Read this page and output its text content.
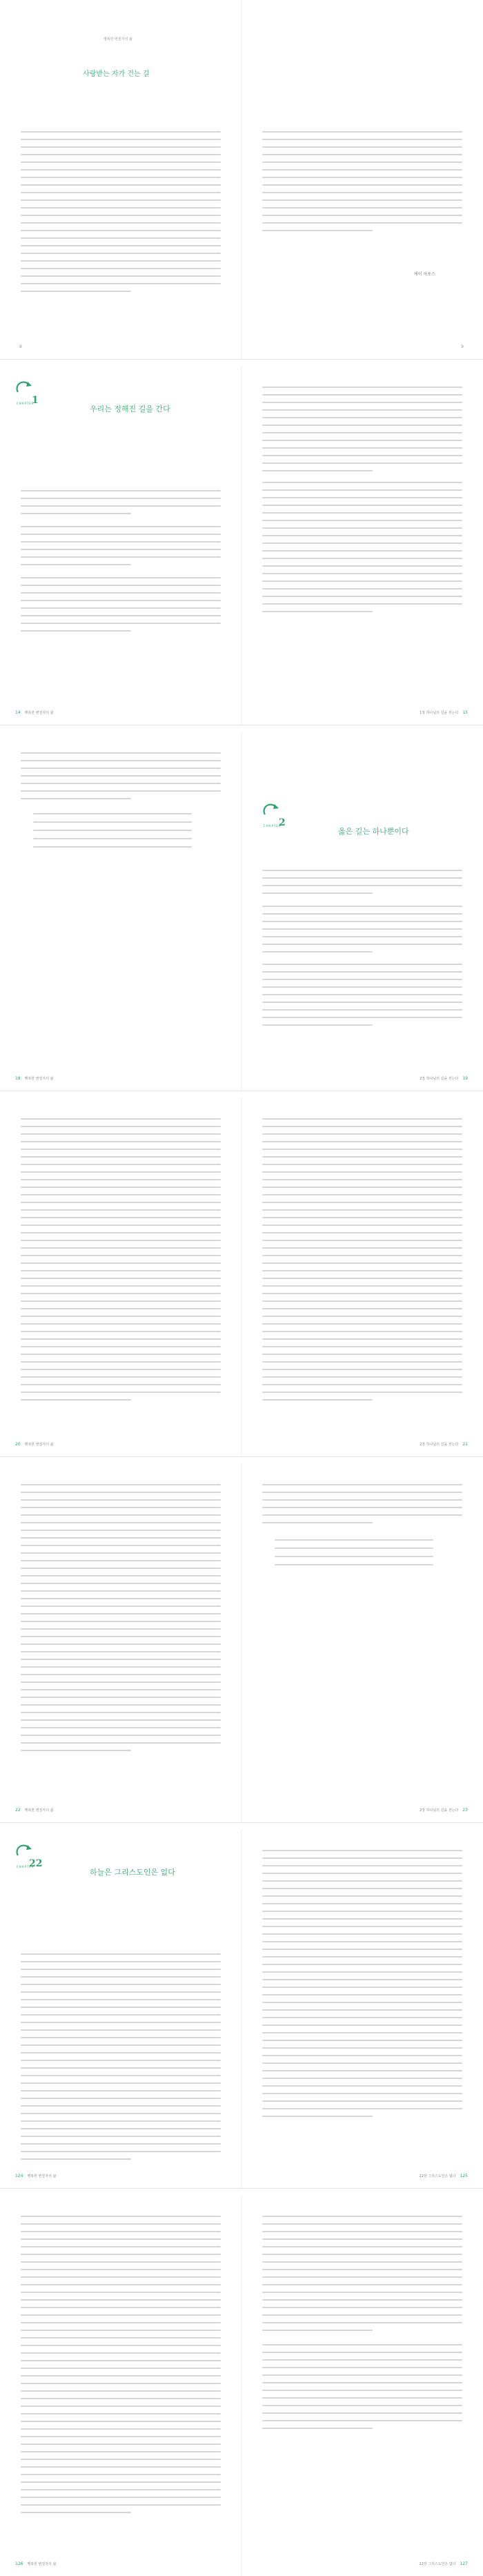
행복한 변질자의 삶
사랑받는 자가 건는 길
8
에이 아포스
9
CHAPTER
1
우리는 정해진 길을 간다
14 행복한 변질자의 삶	1장 하나님의 길을 걷는다 15
18 행복한 변질자의 삶
CHAPTER
2
옳은 길는 하나뿐이다
2장 하나님의 길을 걷는다 19
20 행복한 변질자의 삶	2장 하나님의 길을 걷는다 21
22 행복한 변질자의 삶	2장 하나님의 길을 걷는다 23
CHAPTER
22
하늘은 그리스도인은 없다
124 행복한 변질자의 삶	22장 그리스도인은 없다 125
126 행복한 변질자의 삶	22장 그리스도인은 없다 127
